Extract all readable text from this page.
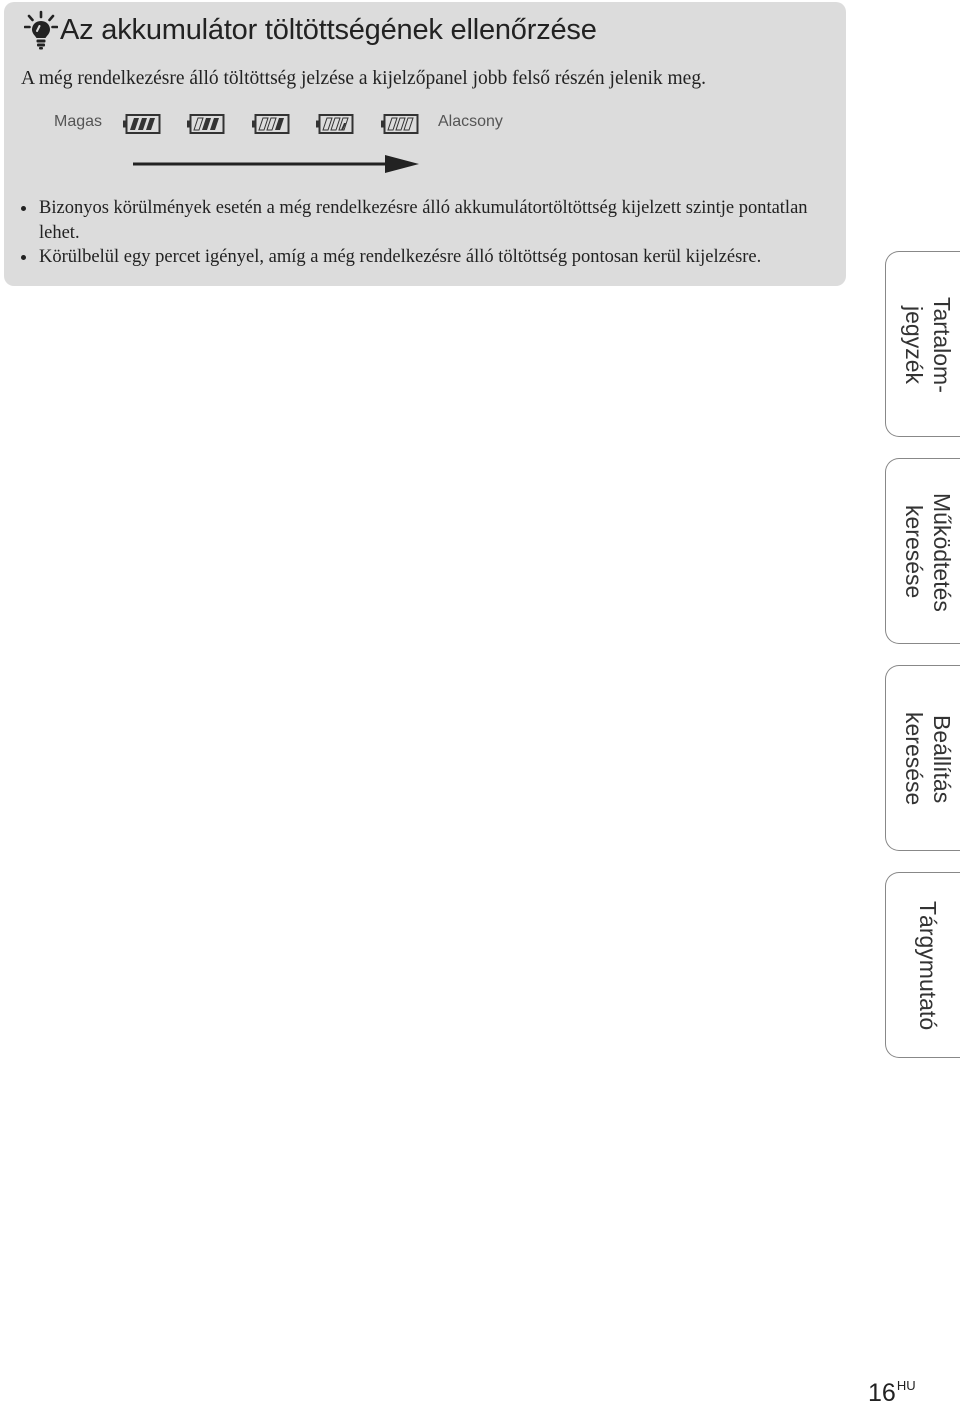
Az akkumulátor töltöttségének ellenőrzése
A még rendelkezésre álló töltöttség jelzése a kijelzőpanel jobb felső részén jelenik meg.
Magas	Alacsony
Bizonyos körülmények esetén a még rendelkezésre álló akkumulátortöltöttség kijelzett szintje pontatlan lehet.
Körülbelül egy percet igényel, amíg a még rendelkezésre álló töltöttség pontosan kerül kijelzésre.
Tartalom-
jegyzék
Működtetés
keresése
Beállítás
keresése
Tárgymutató
$16^{HU}$
